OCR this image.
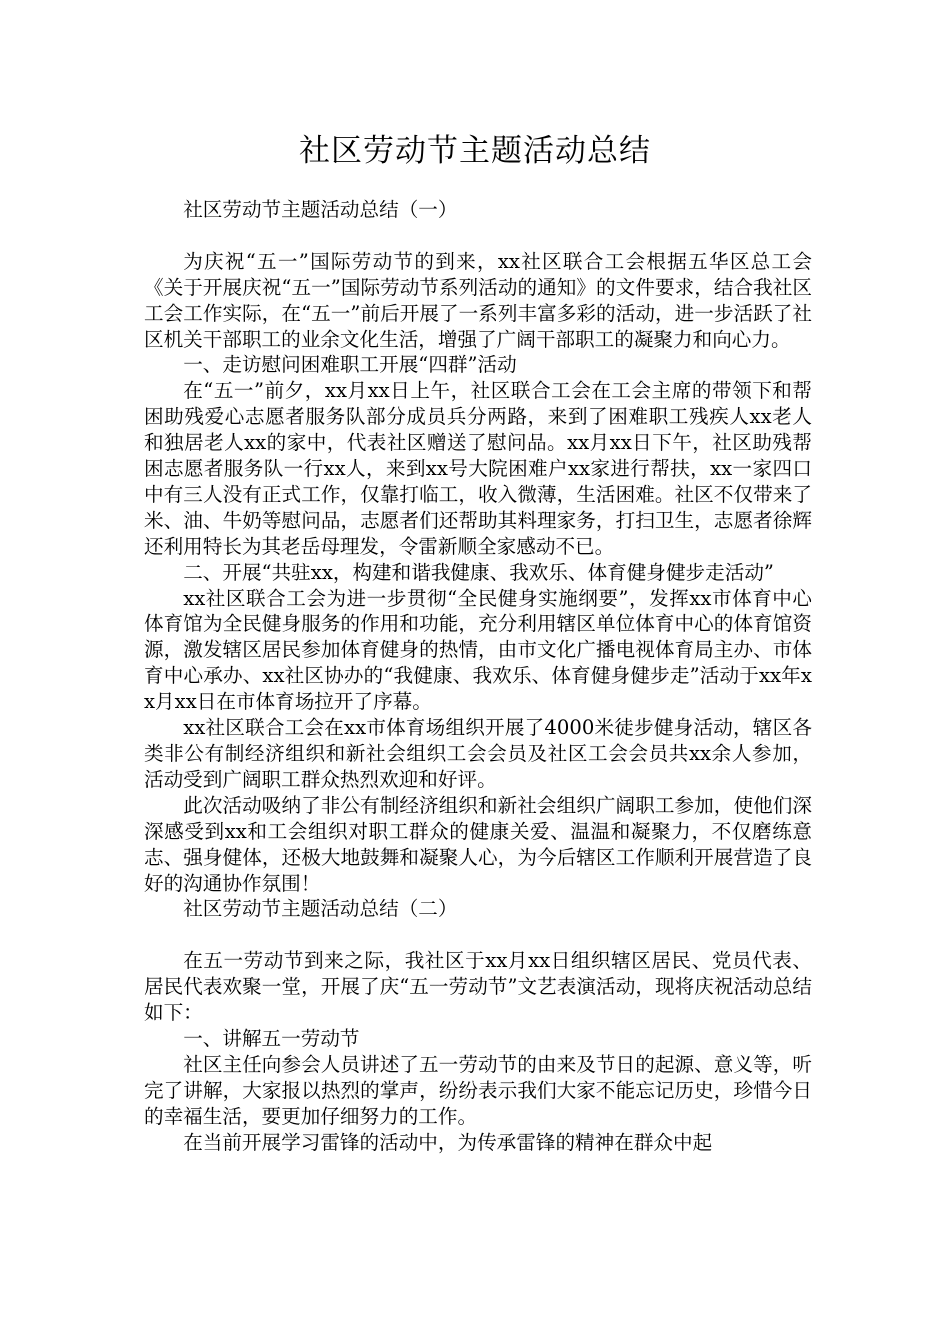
社区劳动节主题活动总结

社区劳动节主题活动总结（一）

为庆祝“五一”国际劳动节的到来，xx社区联合工会根据五华区总工会《关于开展庆祝“五一”国际劳动节系列活动的通知》的文件要求，结合我社区工会工作实际，在“五一”前后开展了一系列丰富多彩的活动，进一步活跃了社区机关干部职工的业余文化生活，增强了广阔干部职工的凝聚力和向心力。

一、走访慰问困难职工开展“四群”活动

在“五一”前夕，xx月xx日上午，社区联合工会在工会主席的带领下和帮困助残爱心志愿者服务队部分成员兵分两路，来到了困难职工残疾人xx老人和独居老人xx的家中，代表社区赠送了慰问品。xx月xx日下午，社区助残帮困志愿者服务队一行xx人，来到xx号大院困难户xx家进行帮扶，xx一家四口中有三人没有正式工作，仅靠打临工，收入微薄，生活困难。社区不仅带来了米、油、牛奶等慰问品，志愿者们还帮助其料理家务，打扫卫生，志愿者徐辉还利用特长为其老岳母理发，令雷新顺全家感动不已。

二、开展“共驻xx，构建和谐我健康、我欢乐、体育健身健步走活动”

xx社区联合工会为进一步贯彻“全民健身实施纲要”，发挥xx市体育中心体育馆为全民健身服务的作用和功能，充分利用辖区单位体育中心的体育馆资源，激发辖区居民参加体育健身的热情，由市文化广播电视体育局主办、市体育中心承办、xx社区协办的“我健康、我欢乐、体育健身健步走”活动于xx年xx月xx日在市体育场拉开了序幕。

xx社区联合工会在xx市体育场组织开展了4000米徒步健身活动，辖区各类非公有制经济组织和新社会组织工会会员及社区工会会员共xx余人参加，活动受到广阔职工群众热烈欢迎和好评。

此次活动吸纳了非公有制经济组织和新社会组织广阔职工参加，使他们深深感受到xx和工会组织对职工群众的健康关爱、温温和凝聚力，不仅磨练意志、强身健体，还极大地鼓舞和凝聚人心，为今后辖区工作顺利开展营造了良好的沟通协作氛围！

社区劳动节主题活动总结（二）

在五一劳动节到来之际，我社区于xx月xx日组织辖区居民、党员代表、居民代表欢聚一堂，开展了庆“五一劳动节”文艺表演活动，现将庆祝活动总结如下：

一、讲解五一劳动节

社区主任向参会人员讲述了五一劳动节的由来及节日的起源、意义等，听完了讲解，大家报以热烈的掌声，纷纷表示我们大家不能忘记历史，珍惜今日的幸福生活，要更加仔细努力的工作。

在当前开展学习雷锋的活动中，为传承雷锋的精神在群众中起
